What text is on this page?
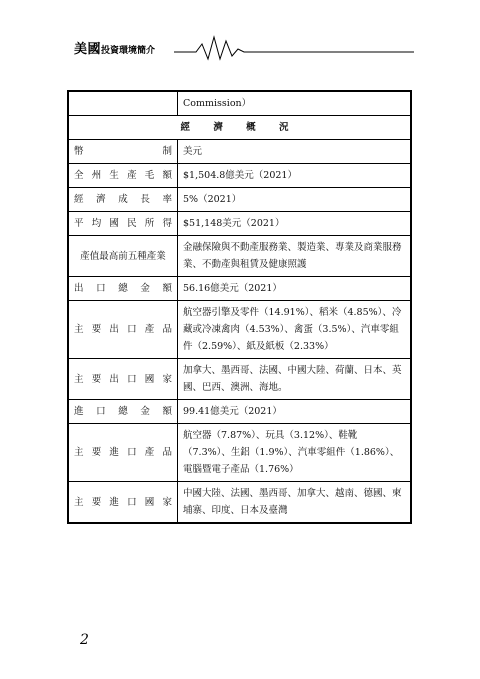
美國投資環境簡介
	Commission）
經 濟 概 況	
幣制	美元
全州生產毛額	$1,504.8億美元（2021）
經濟成長率	5%（2021）
平均國民所得	$51,148美元（2021）
產值最高前五種產業	金融保險與不動產服務業、製造業、專業及商業服務業、不動產與租賃及健康照護
出口總金額	56.16億美元（2021）
主要出口產品	航空器引擎及零件（14.91%）、稻米（4.85%）、冷藏或冷凍禽肉（4.53%）、禽蛋（3.5%）、汽車零組件（2.59%）、紙及紙板（2.33%）
主要出口國家	加拿大、墨西哥、法國、中國大陸、荷蘭、日本、英國、巴西、澳洲、海地。
進口總金額	99.41億美元（2021）
主要進口產品	航空器（7.87%）、玩具（3.12%）、鞋靴（7.3%）、生鋁（1.9%）、汽車零組件（1.86%）、電腦暨電子產品（1.76%）
主要進口國家	中國大陸、法國、墨西哥、加拿大、越南、德國、柬埔寨、印度、日本及臺灣
2
